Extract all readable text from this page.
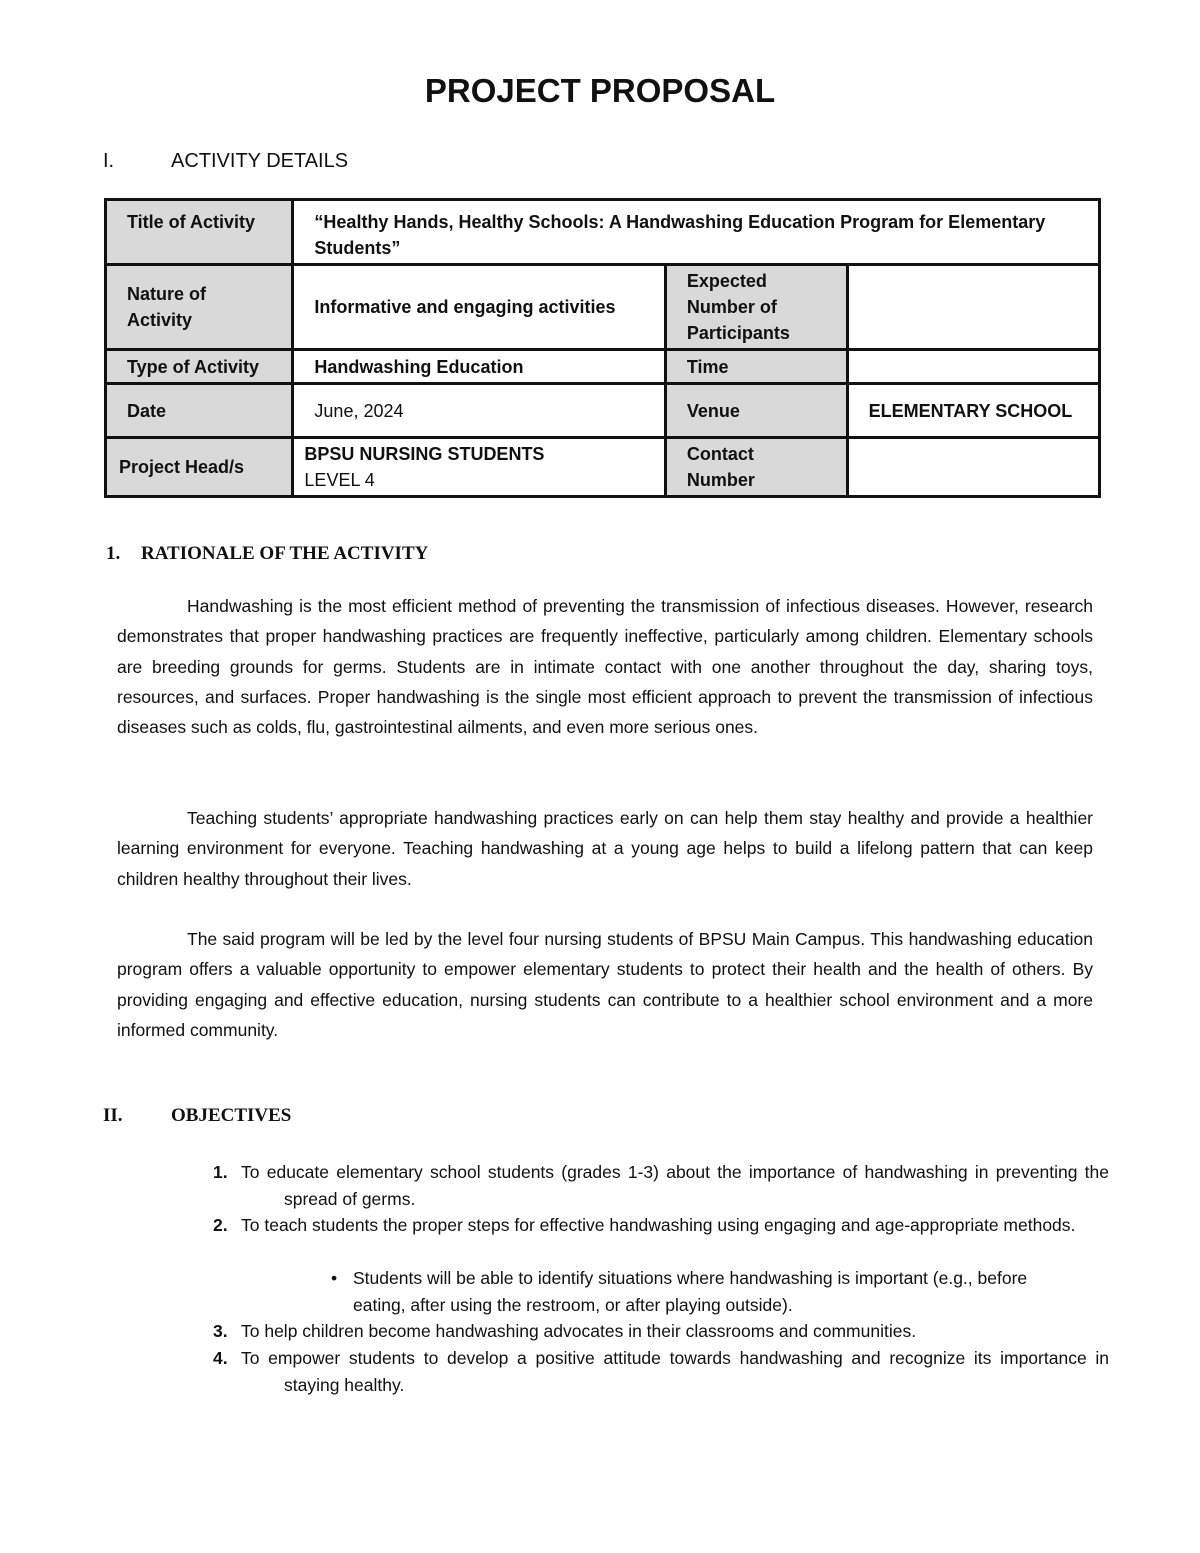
PROJECT PROPOSAL
I.	ACTIVITY DETAILS
Title of Activity	“Healthy Hands, Healthy Schools: A Handwashing Education Program for Elementary Students”
Nature of Activity	Informative and engaging activities	Expected Number of Participants	
Type of Activity	Handwashing Education	Time	
Date	June, 2024	Venue	ELEMENTARY SCHOOL
Project Head/s	
BPSU NURSING STUDENTS
LEVEL 4
	Contact Number	
1. RATIONALE OF THE ACTIVITY
Handwashing is the most efficient method of preventing the transmission of infectious diseases. However, research demonstrates that proper handwashing practices are frequently ineffective, particularly among children. Elementary schools are breeding grounds for germs. Students are in intimate contact with one another throughout the day, sharing toys, resources, and surfaces. Proper handwashing is the single most efficient approach to prevent the transmission of infectious diseases such as colds, flu, gastrointestinal ailments, and even more serious ones.
Teaching students’ appropriate handwashing practices early on can help them stay healthy and provide a healthier learning environment for everyone. Teaching handwashing at a young age helps to build a lifelong pattern that can keep children healthy throughout their lives.
The said program will be led by the level four nursing students of BPSU Main Campus. This handwashing education program offers a valuable opportunity to empower elementary students to protect their health and the health of others. By providing engaging and effective education, nursing students can contribute to a healthier school environment and a more informed community.
II.	OBJECTIVES
1. To educate elementary school students (grades 1-3) about the importance of handwashing in preventing the spread of germs.
2. To teach students the proper steps for effective handwashing using engaging and age-appropriate methods.
• Students will be able to identify situations where handwashing is important (e.g., before eating, after using the restroom, or after playing outside).
3. To help children become handwashing advocates in their classrooms and communities.
4. To empower students to develop a positive attitude towards handwashing and recognize its importance in staying healthy.
